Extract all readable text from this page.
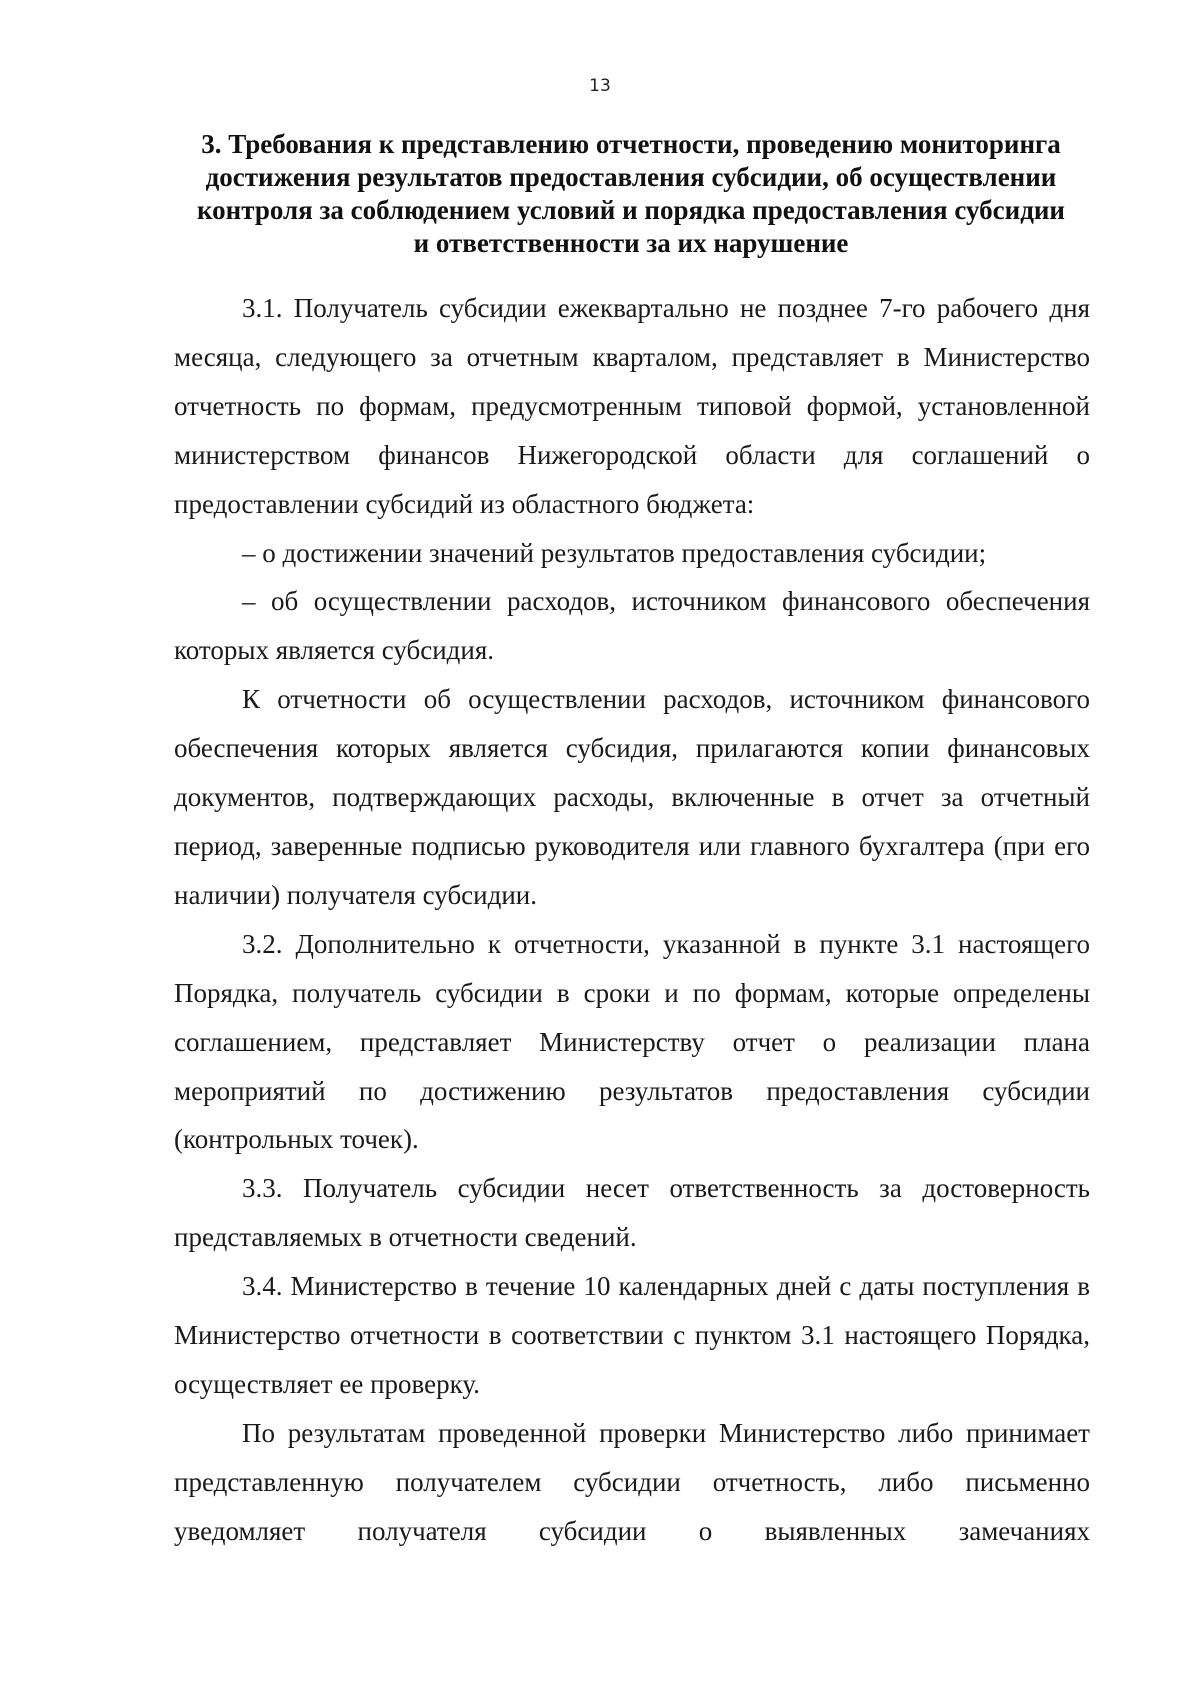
13
3. Требования к представлению отчетности, проведению мониторинга
достижения результатов предоставления субсидии, об осуществлении
контроля за соблюдением условий и порядка предоставления субсидии
и ответственности за их нарушение

3.1. Получатель субсидии ежеквартально не позднее 7-го рабочего дня месяца, следующего за отчетным кварталом, представляет в Министерство отчетность по формам, предусмотренным типовой формой, установленной министерством финансов Нижегородской области для соглашений о предоставлении субсидий из областного бюджета:

– о достижении значений результатов предоставления субсидии;

– об осуществлении расходов, источником финансового обеспечения которых является субсидия.

К отчетности об осуществлении расходов, источником финансового обеспечения которых является субсидия, прилагаются копии финансовых документов, подтверждающих расходы, включенные в отчет за отчетный период, заверенные подписью руководителя или главного бухгалтера (при его наличии) получателя субсидии.

3.2. Дополнительно к отчетности, указанной в пункте 3.1 настоящего Порядка, получатель субсидии в сроки и по формам, которые определены соглашением, представляет Министерству отчет о реализации плана мероприятий по достижению результатов предоставления субсидии (контрольных точек).

3.3. Получатель субсидии несет ответственность за достоверность представляемых в отчетности сведений.

3.4. Министерство в течение 10 календарных дней с даты поступления в Министерство отчетности в соответствии с пунктом 3.1 настоящего Порядка, осуществляет ее проверку.

По результатам проведенной проверки Министерство либо принимает представленную получателем субсидии отчетность, либо письменно уведомляет получателя субсидии о выявленных замечаниях
